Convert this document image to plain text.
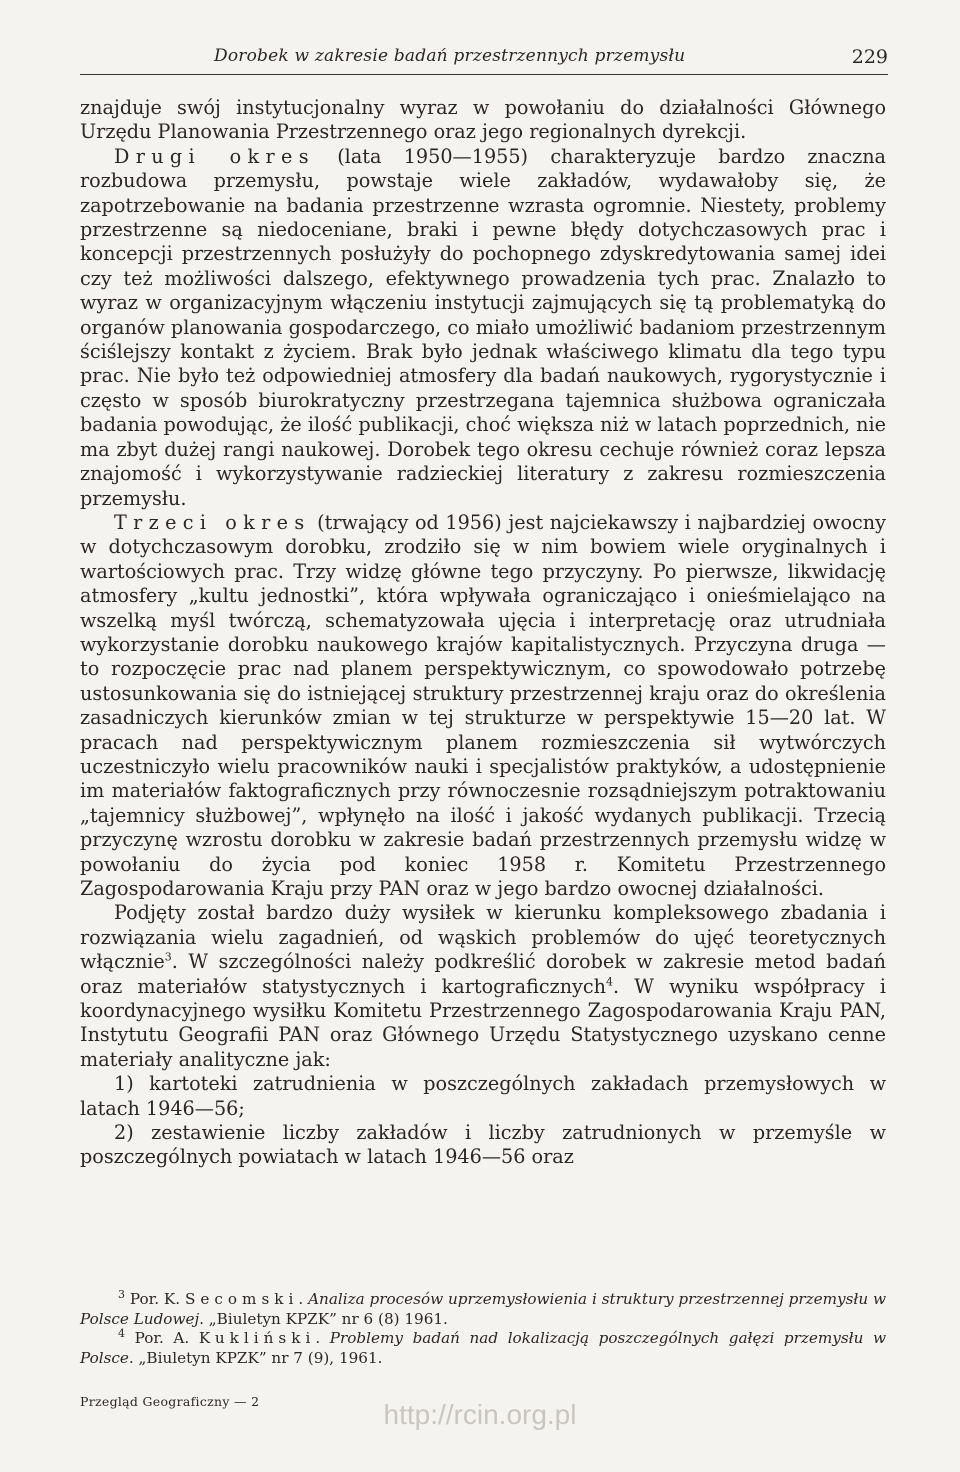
Dorobek w zakresie badań przestrzennych przemysłu	229

znajduje swój instytucjonalny wyraz w powołaniu do działalności Głównego Urzędu Planowania Przestrzennego oraz jego regionalnych dyrekcji.

Drugi okres (lata 1950—1955) charakteryzuje bardzo znaczna rozbudowa przemysłu, powstaje wiele zakładów, wydawałoby się, że zapotrzebowanie na badania przestrzenne wzrasta ogromnie. Niestety, problemy przestrzenne są niedoceniane, braki i pewne błędy dotychczasowych prac i koncepcji przestrzennych posłużyły do pochopnego zdyskredytowania samej idei czy też możliwości dalszego, efektywnego prowadzenia tych prac. Znalazło to wyraz w organizacyjnym włączeniu instytucji zajmujących się tą problematyką do organów planowania gospodarczego, co miało umożliwić badaniom przestrzennym ściślejszy kontakt z życiem. Brak było jednak właściwego klimatu dla tego typu prac. Nie było też odpowiedniej atmosfery dla badań naukowych, rygorystycznie i często w sposób biurokratyczny przestrzegana tajemnica służbowa ograniczała badania powodując, że ilość publikacji, choć większa niż w latach poprzednich, nie ma zbyt dużej rangi naukowej. Dorobek tego okresu cechuje również coraz lepsza znajomość i wykorzystywanie radzieckiej literatury z zakresu rozmieszczenia przemysłu.

Trzeci okres (trwający od 1956) jest najciekawszy i najbardziej owocny w dotychczasowym dorobku, zrodziło się w nim bowiem wiele oryginalnych i wartościowych prac. Trzy widzę główne tego przyczyny. Po pierwsze, likwidację atmosfery „kultu jednostki”, która wpływała ograniczająco i onieśmielająco na wszelką myśl twórczą, schematyzowała ujęcia i interpretację oraz utrudniała wykorzystanie dorobku naukowego krajów kapitalistycznych. Przyczyna druga — to rozpoczęcie prac nad planem perspektywicznym, co spowodowało potrzebę ustosunkowania się do istniejącej struktury przestrzennej kraju oraz do określenia zasadniczych kierunków zmian w tej strukturze w perspektywie 15—20 lat. W pracach nad perspektywicznym planem rozmieszczenia sił wytwórczych uczestniczyło wielu pracowników nauki i specjalistów praktyków, a udostępnienie im materiałów faktograficznych przy równoczesnie rozsądniejszym potraktowaniu „tajemnicy służbowej”, wpłynęło na ilość i jakość wydanych publikacji. Trzecią przyczynę wzrostu dorobku w zakresie badań przestrzennych przemysłu widzę w powołaniu do życia pod koniec 1958 r. Komitetu Przestrzennego Zagospodarowania Kraju przy PAN oraz w jego bardzo owocnej działalności.

Podjęty został bardzo duży wysiłek w kierunku kompleksowego zbadania i rozwiązania wielu zagadnień, od wąskich problemów do ujęć teoretycznych włącznie$^3$. W szczególności należy podkreślić dorobek w zakresie metod badań oraz materiałów statystycznych i kartograficznych$^4$. W wyniku współpracy i koordynacyjnego wysiłku Komitetu Przestrzennego Zagospodarowania Kraju PAN, Instytutu Geografii PAN oraz Głównego Urzędu Statystycznego uzyskano cenne materiały analityczne jak:

1) kartoteki zatrudnienia w poszczególnych zakładach przemysłowych w latach 1946—56;

2) zestawienie liczby zakładów i liczby zatrudnionych w przemyśle w poszczególnych powiatach w latach 1946—56 oraz

$^3$ Por. K. Secomski. Analiza procesów uprzemysłowienia i struktury przestrzennej przemysłu w Polsce Ludowej. „Biuletyn KPZK” nr 6 (8) 1961.

$^4$ Por. A. Kukliński. Problemy badań nad lokalizacją poszczególnych gałęzi przemysłu w Polsce. „Biuletyn KPZK” nr 7 (9), 1961.

Przegląd Geograficzny — 2	http://rcin.org.pl
